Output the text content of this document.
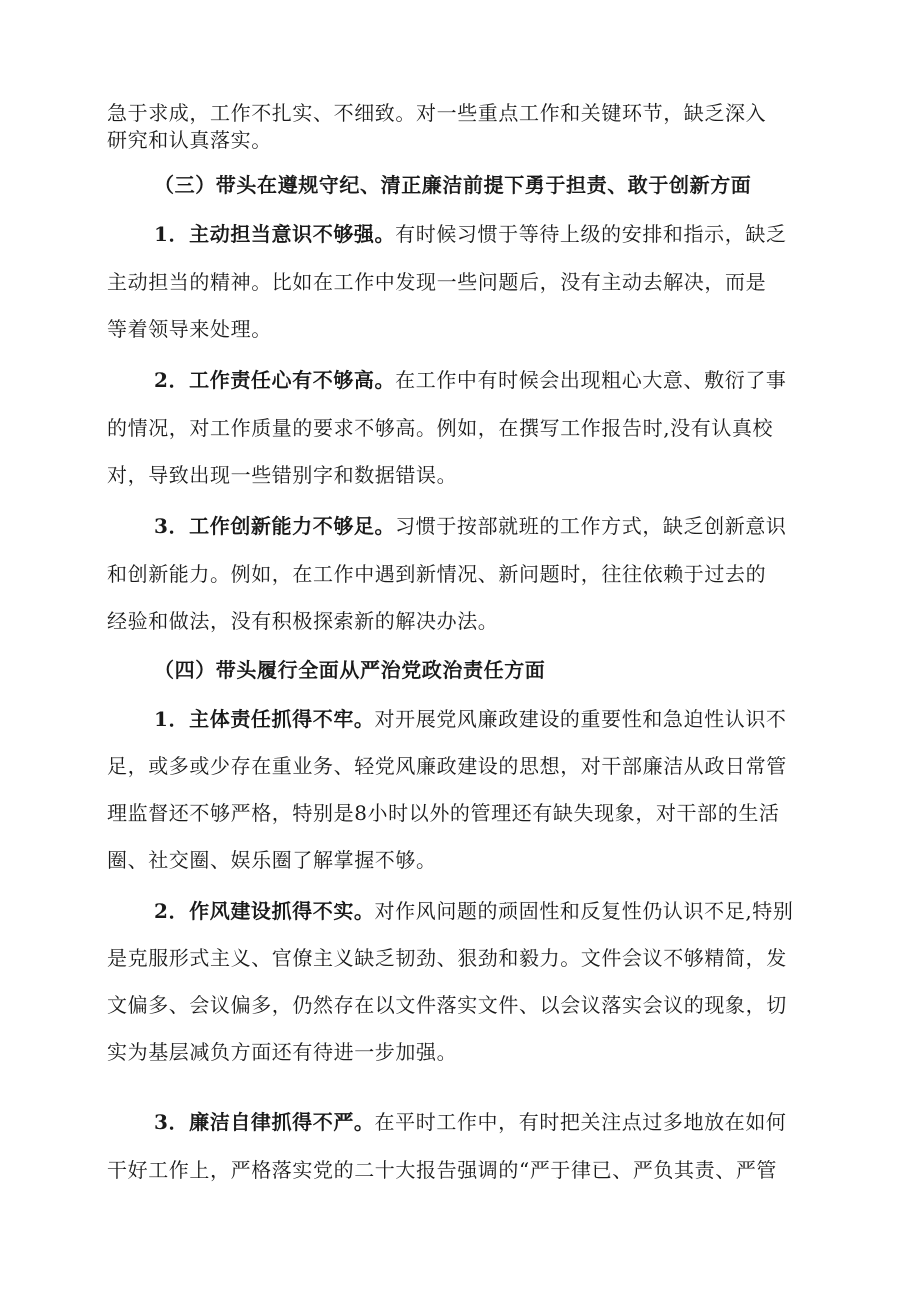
急于求成，工作不扎实、不细致。对一些重点工作和关键环节，缺乏深入
研究和认真落实。
（三）带头在遵规守纪、清正廉洁前提下勇于担责、敢于创新方面
1．主动担当意识不够强。有时候习惯于等待上级的安排和指示，缺乏
主动担当的精神。比如在工作中发现一些问题后，没有主动去解决，而是
等着领导来处理。
2．工作责任心有不够高。在工作中有时候会出现粗心大意、敷衍了事
的情况，对工作质量的要求不够高。例如，在撰写工作报告时,没有认真校
对，导致出现一些错别字和数据错误。
3．工作创新能力不够足。习惯于按部就班的工作方式，缺乏创新意识
和创新能力。例如，在工作中遇到新情况、新问题时，往往依赖于过去的
经验和做法，没有积极探索新的解决办法。
（四）带头履行全面从严治党政治责任方面
1．主体责任抓得不牢。对开展党风廉政建设的重要性和急迫性认识不
足，或多或少存在重业务、轻党风廉政建设的思想，对干部廉洁从政日常管
理监督还不够严格，特别是8小时以外的管理还有缺失现象，对干部的生活
圈、社交圈、娱乐圈了解掌握不够。
2．作风建设抓得不实。对作风问题的顽固性和反复性仍认识不足,特别
是克服形式主义、官僚主义缺乏韧劲、狠劲和毅力。文件会议不够精简，发
文偏多、会议偏多，仍然存在以文件落实文件、以会议落实会议的现象，切
实为基层减负方面还有待进一步加强。
3．廉洁自律抓得不严。在平时工作中，有时把关注点过多地放在如何
干好工作上，严格落实党的二十大报告强调的“严于律已、严负其责、严管
